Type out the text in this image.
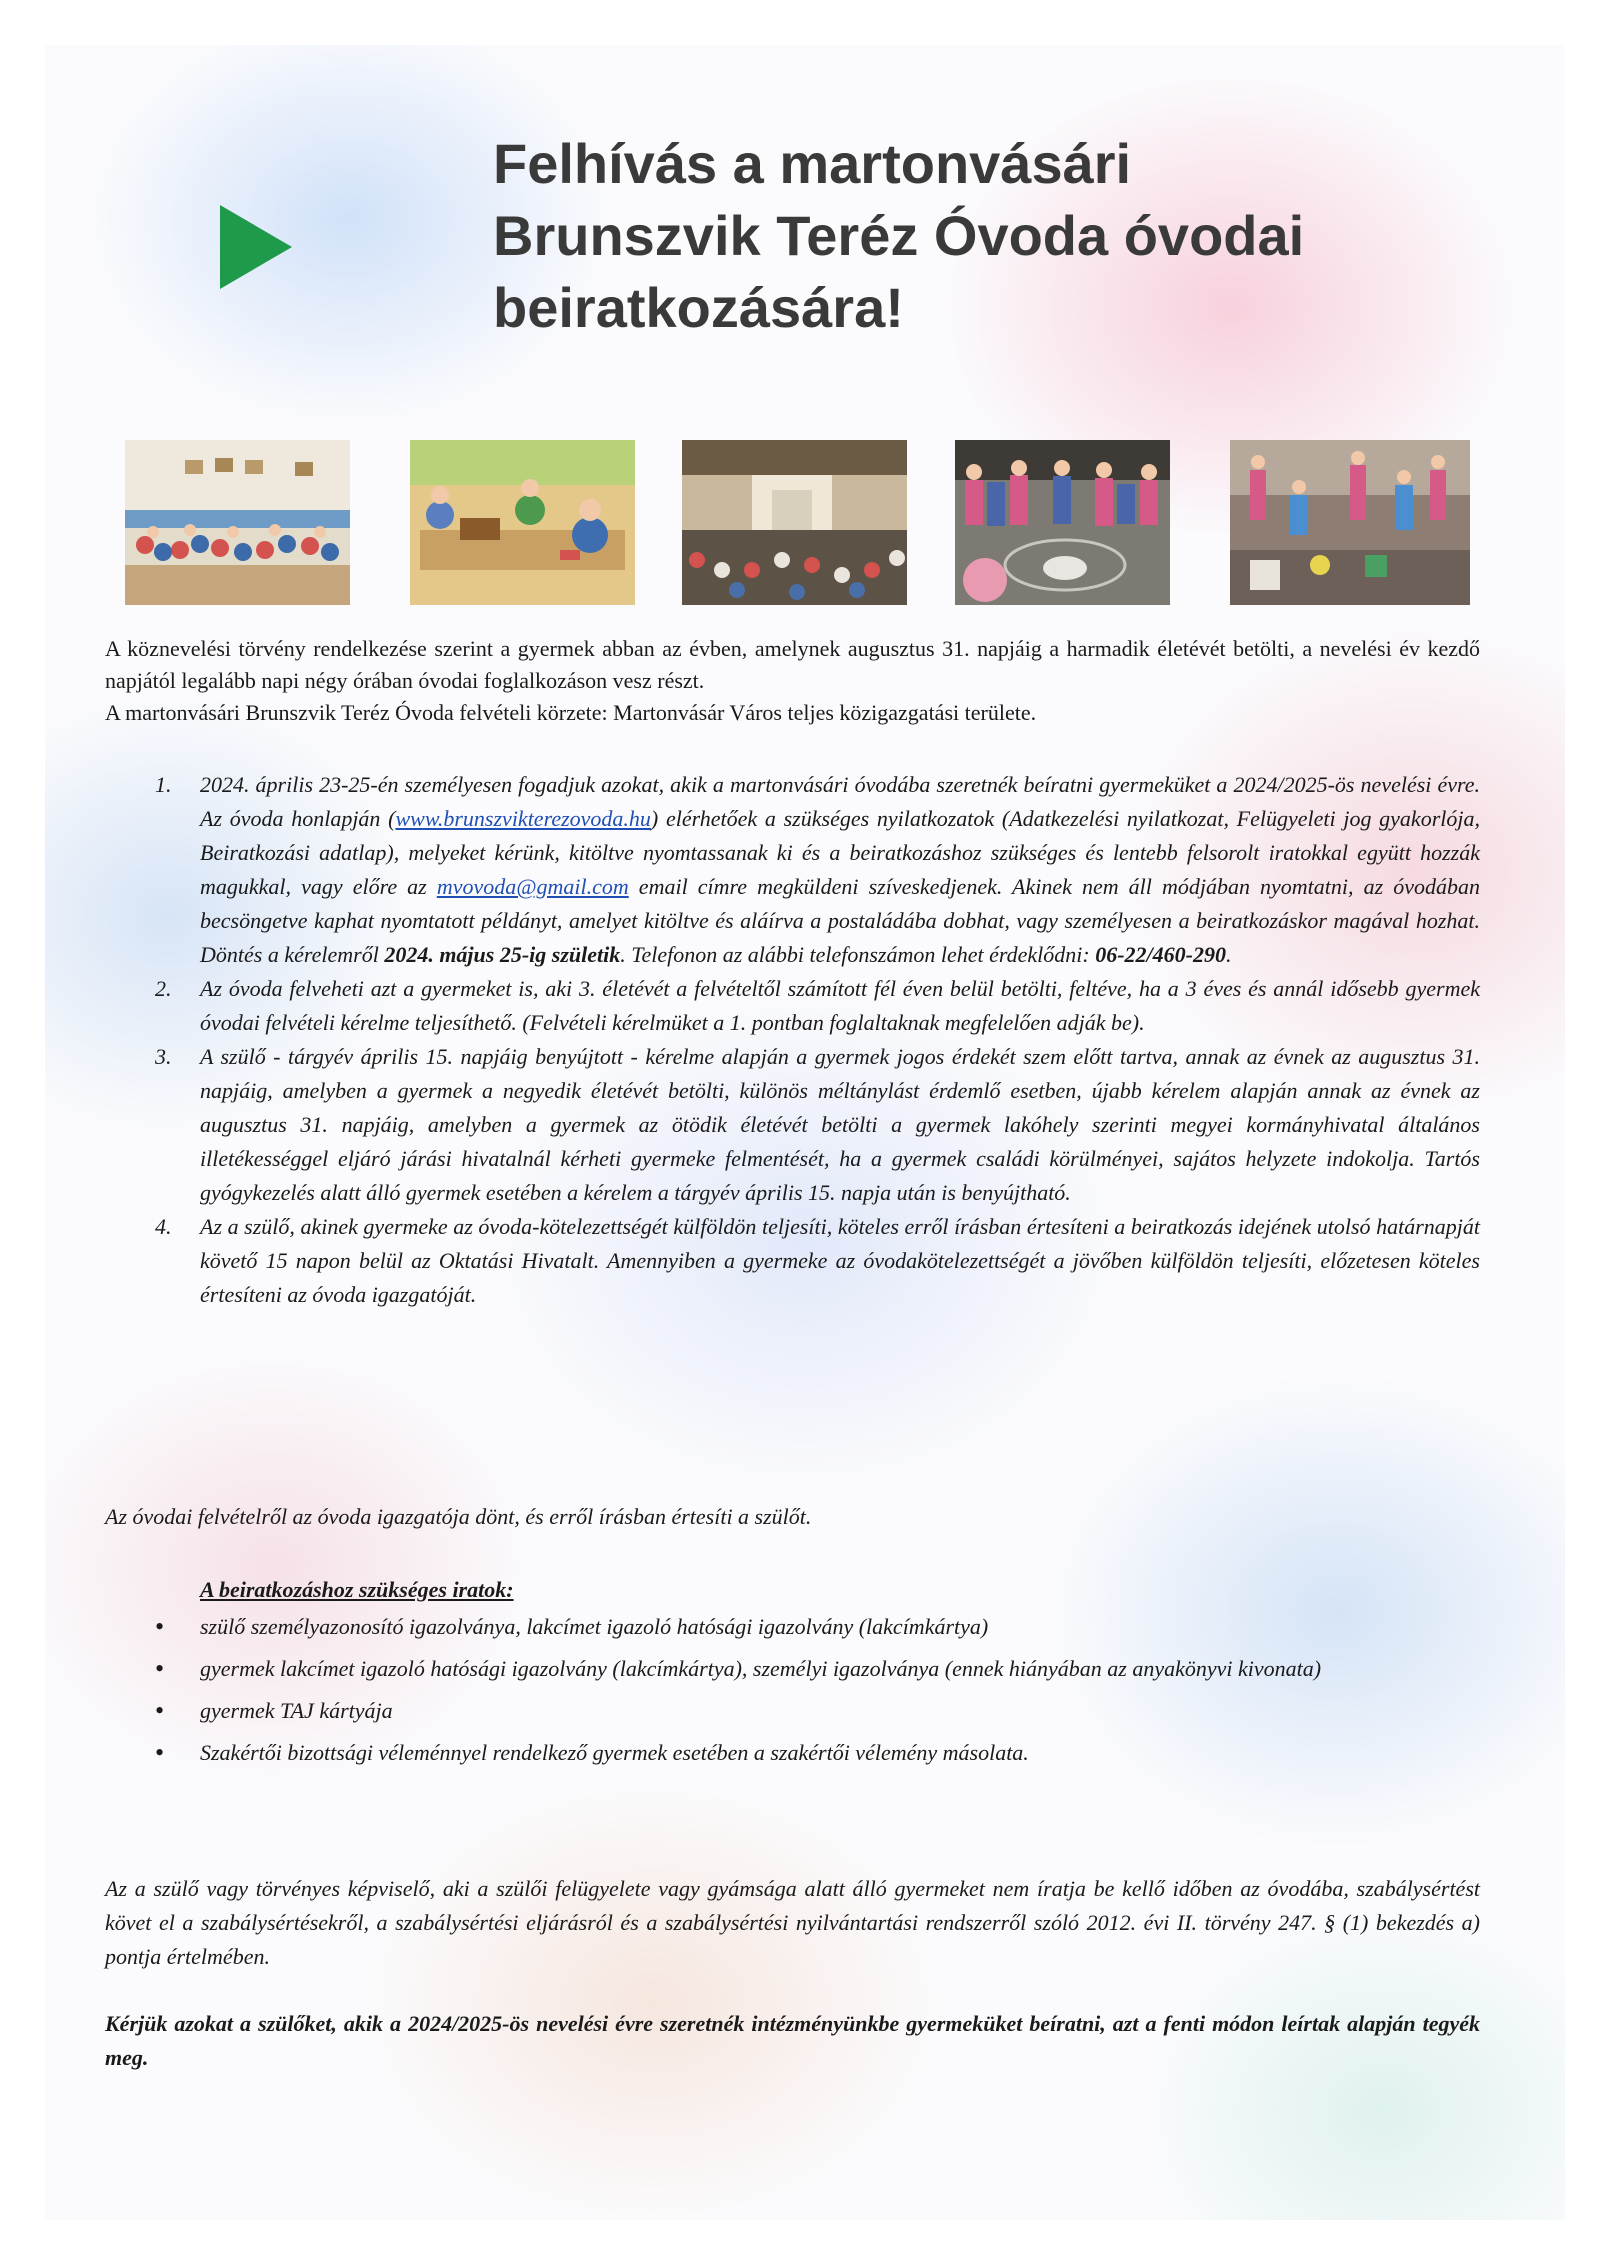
Felhívás a martonvásári
Brunszvik Teréz Óvoda óvodai
beiratkozására!

A köznevelési törvény rendelkezése szerint a gyermek abban az évben, amelynek augusztus 31. napjáig a harmadik életévét betölti, a nevelési év kezdő napjától legalább napi négy órában óvodai foglalkozáson vesz részt.

A martonvásári Brunszvik Teréz Óvoda felvételi körzete: Martonvásár Város teljes közigazgatási területe.

1. 2024. április 23-25-én személyesen fogadjuk azokat, akik a martonvásári óvodába szeretnék beíratni gyermeküket a 2024/2025-ös nevelési évre. Az óvoda honlapján (www.brunszvikterezovoda.hu) elérhetőek a szükséges nyilatkozatok (Adatkezelési nyilatkozat, Felügyeleti jog gyakorlója, Beiratkozási adatlap), melyeket kérünk, kitöltve nyomtassanak ki és a beiratkozáshoz szükséges és lentebb felsorolt iratokkal együtt hozzák magukkal, vagy előre az mvovoda@gmail.com email címre megküldeni szíveskedjenek. Akinek nem áll módjában nyomtatni, az óvodában becsöngetve kaphat nyomtatott példányt, amelyet kitöltve és aláírva a postaládába dobhat, vagy személyesen a beiratkozáskor magával hozhat. Döntés a kérelemről 2024. május 25-ig születik. Telefonon az alábbi telefonszámon lehet érdeklődni: 06-22/460-290.
2. Az óvoda felveheti azt a gyermeket is, aki 3. életévét a felvételtől számított fél éven belül betölti, feltéve, ha a 3 éves és annál idősebb gyermek óvodai felvételi kérelme teljesíthető. (Felvételi kérelmüket a 1. pontban foglaltaknak megfelelően adják be).
3. A szülő - tárgyév április 15. napjáig benyújtott - kérelme alapján a gyermek jogos érdekét szem előtt tartva, annak az évnek az augusztus 31. napjáig, amelyben a gyermek a negyedik életévét betölti, különös méltánylást érdemlő esetben, újabb kérelem alapján annak az évnek az augusztus 31. napjáig, amelyben a gyermek az ötödik életévét betölti a gyermek lakóhely szerinti megyei kormányhivatal általános illetékességgel eljáró járási hivatalnál kérheti gyermeke felmentését, ha a gyermek családi körülményei, sajátos helyzete indokolja. Tartós gyógykezelés alatt álló gyermek esetében a kérelem a tárgyév április 15. napja után is benyújtható.
4. Az a szülő, akinek gyermeke az óvoda-kötelezettségét külföldön teljesíti, köteles erről írásban értesíteni a beiratkozás idejének utolsó határnapját követő 15 napon belül az Oktatási Hivatalt. Amennyiben a gyermeke az óvodakötelezettségét a jövőben külföldön teljesíti, előzetesen köteles értesíteni az óvoda igazgatóját.

Az óvodai felvételről az óvoda igazgatója dönt, és erről írásban értesíti a szülőt.

A beiratkozáshoz szükséges iratok:

• szülő személyazonosító igazolványa, lakcímet igazoló hatósági igazolvány (lakcímkártya)
• gyermek lakcímet igazoló hatósági igazolvány (lakcímkártya), személyi igazolványa (ennek hiányában az anyakönyvi kivonata)
• gyermek TAJ kártyája
• Szakértői bizottsági véleménnyel rendelkező gyermek esetében a szakértői vélemény másolata.

Az a szülő vagy törvényes képviselő, aki a szülői felügyelete vagy gyámsága alatt álló gyermeket nem íratja be kellő időben az óvodába, szabálysértést követ el a szabálysértésekről, a szabálysértési eljárásról és a szabálysértési nyilvántartási rendszerről szóló 2012. évi II. törvény 247. § (1) bekezdés a) pontja értelmében.

Kérjük azokat a szülőket, akik a 2024/2025-ös nevelési évre szeretnék intézményünkbe gyermeküket beíratni, azt a fenti módon leírtak alapján tegyék meg.
